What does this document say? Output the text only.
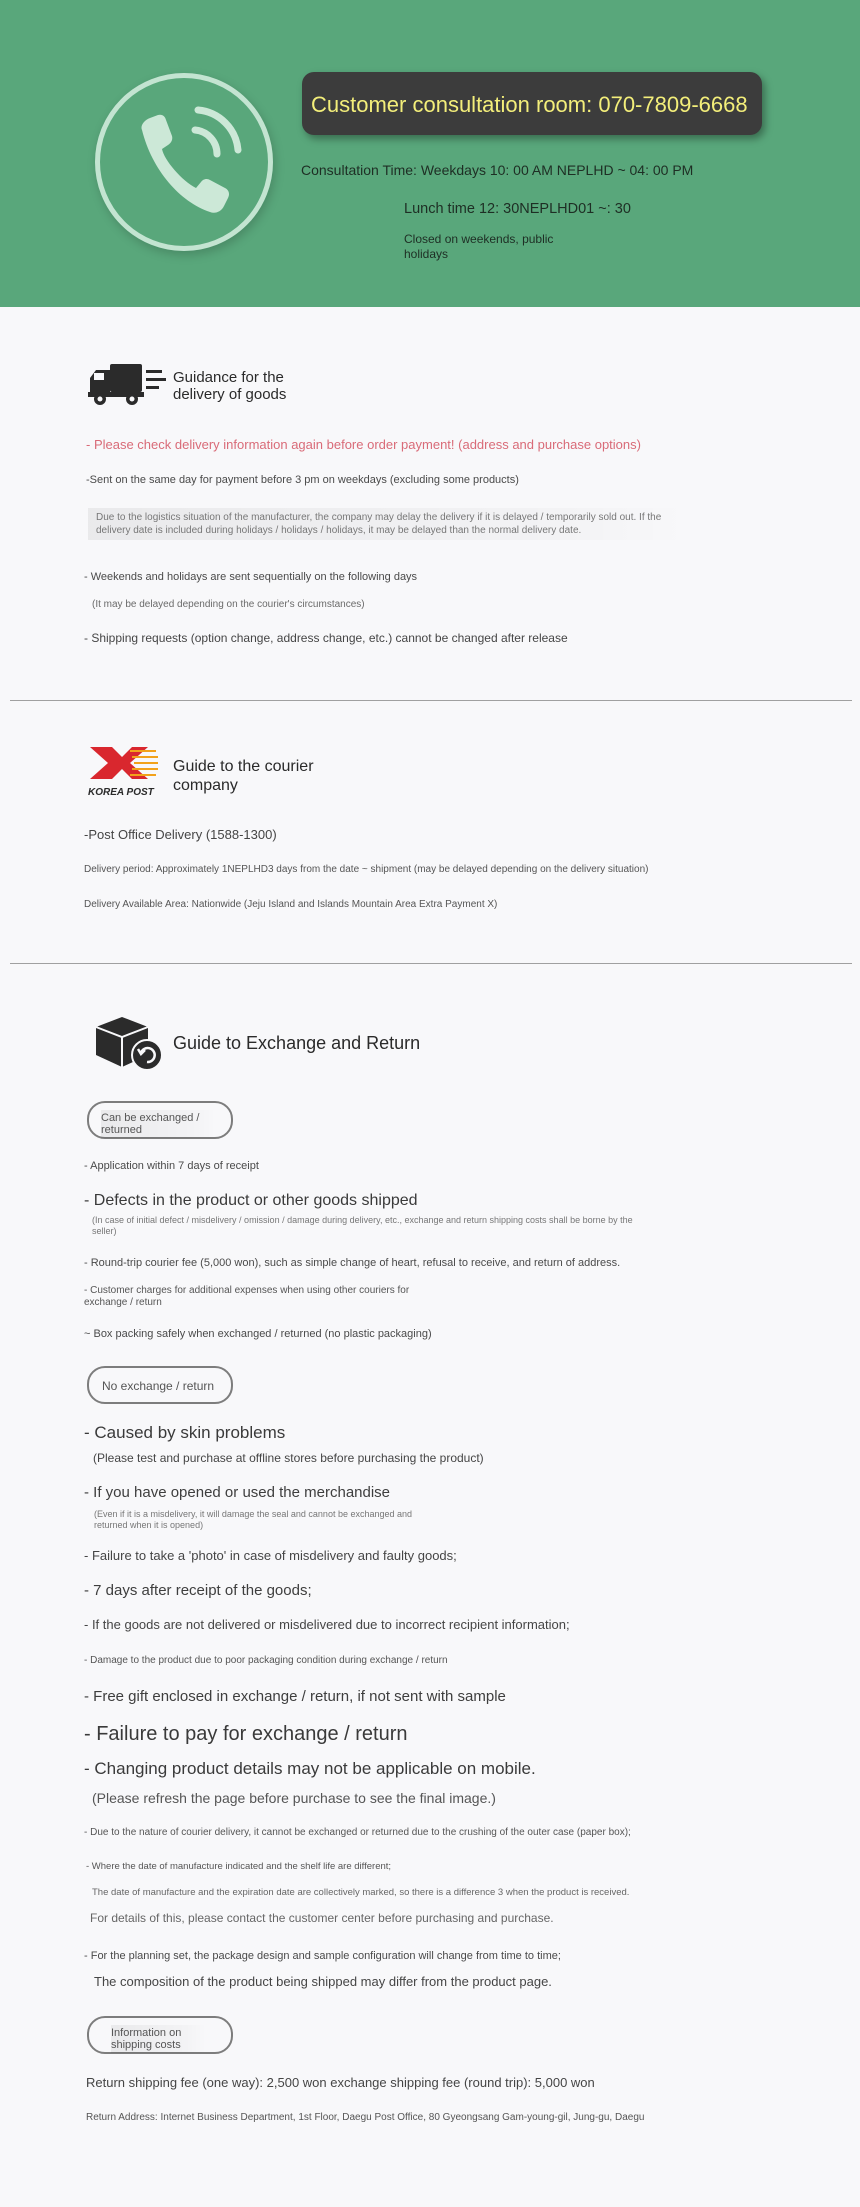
Customer consultation room: 070-7809-6668
Consultation Time: Weekdays 10: 00 AM NEPLHD ~ 04: 00 PM
Lunch time 12: 30NEPLHD01 ~: 30
Closed on weekends, public holidays
Guidance for the delivery of goods
- Please check delivery information again before order payment! (address and purchase options)
-Sent on the same day for payment before 3 pm on weekdays (excluding some products)
Due to the logistics situation of the manufacturer, the company may delay the delivery if it is delayed / temporarily sold out. If the delivery date is included during holidays / holidays / holidays, it may be delayed than the normal delivery date.
- Weekends and holidays are sent sequentially on the following days
(It may be delayed depending on the courier's circumstances)
- Shipping requests (option change, address change, etc.) cannot be changed after release
KOREA POST
Guide to the courier company
-Post Office Delivery (1588-1300)
Delivery period: Approximately 1NEPLHD3 days from the date ~ shipment (may be delayed depending on the delivery situation)
Delivery Available Area: Nationwide (Jeju Island and Islands Mountain Area Extra Payment X)
Guide to Exchange and Return
Can be exchanged / returned
- Application within 7 days of receipt
- Defects in the product or other goods shipped
(In case of initial defect / misdelivery / omission / damage during delivery, etc., exchange and return shipping costs shall be borne by the seller)
- Round-trip courier fee (5,000 won), such as simple change of heart, refusal to receive, and return of address.
- Customer charges for additional expenses when using other couriers for exchange / return
~ Box packing safely when exchanged / returned (no plastic packaging)
No exchange / return
- Caused by skin problems
(Please test and purchase at offline stores before purchasing the product)
- If you have opened or used the merchandise
(Even if it is a misdelivery, it will damage the seal and cannot be exchanged and returned when it is opened)
- Failure to take a 'photo' in case of misdelivery and faulty goods;
- 7 days after receipt of the goods;
- If the goods are not delivered or misdelivered due to incorrect recipient information;
- Damage to the product due to poor packaging condition during exchange / return
- Free gift enclosed in exchange / return, if not sent with sample
- Failure to pay for exchange / return
- Changing product details may not be applicable on mobile.
(Please refresh the page before purchase to see the final image.)
- Due to the nature of courier delivery, it cannot be exchanged or returned due to the crushing of the outer case (paper box);
- Where the date of manufacture indicated and the shelf life are different;
The date of manufacture and the expiration date are collectively marked, so there is a difference 3 when the product is received.
For details of this, please contact the customer center before purchasing and purchase.
- For the planning set, the package design and sample configuration will change from time to time;
The composition of the product being shipped may differ from the product page.
Information on shipping costs
Return shipping fee (one way): 2,500 won exchange shipping fee (round trip): 5,000 won
Return Address: Internet Business Department, 1st Floor, Daegu Post Office, 80 Gyeongsang Gam-young-gil, Jung-gu, Daegu
